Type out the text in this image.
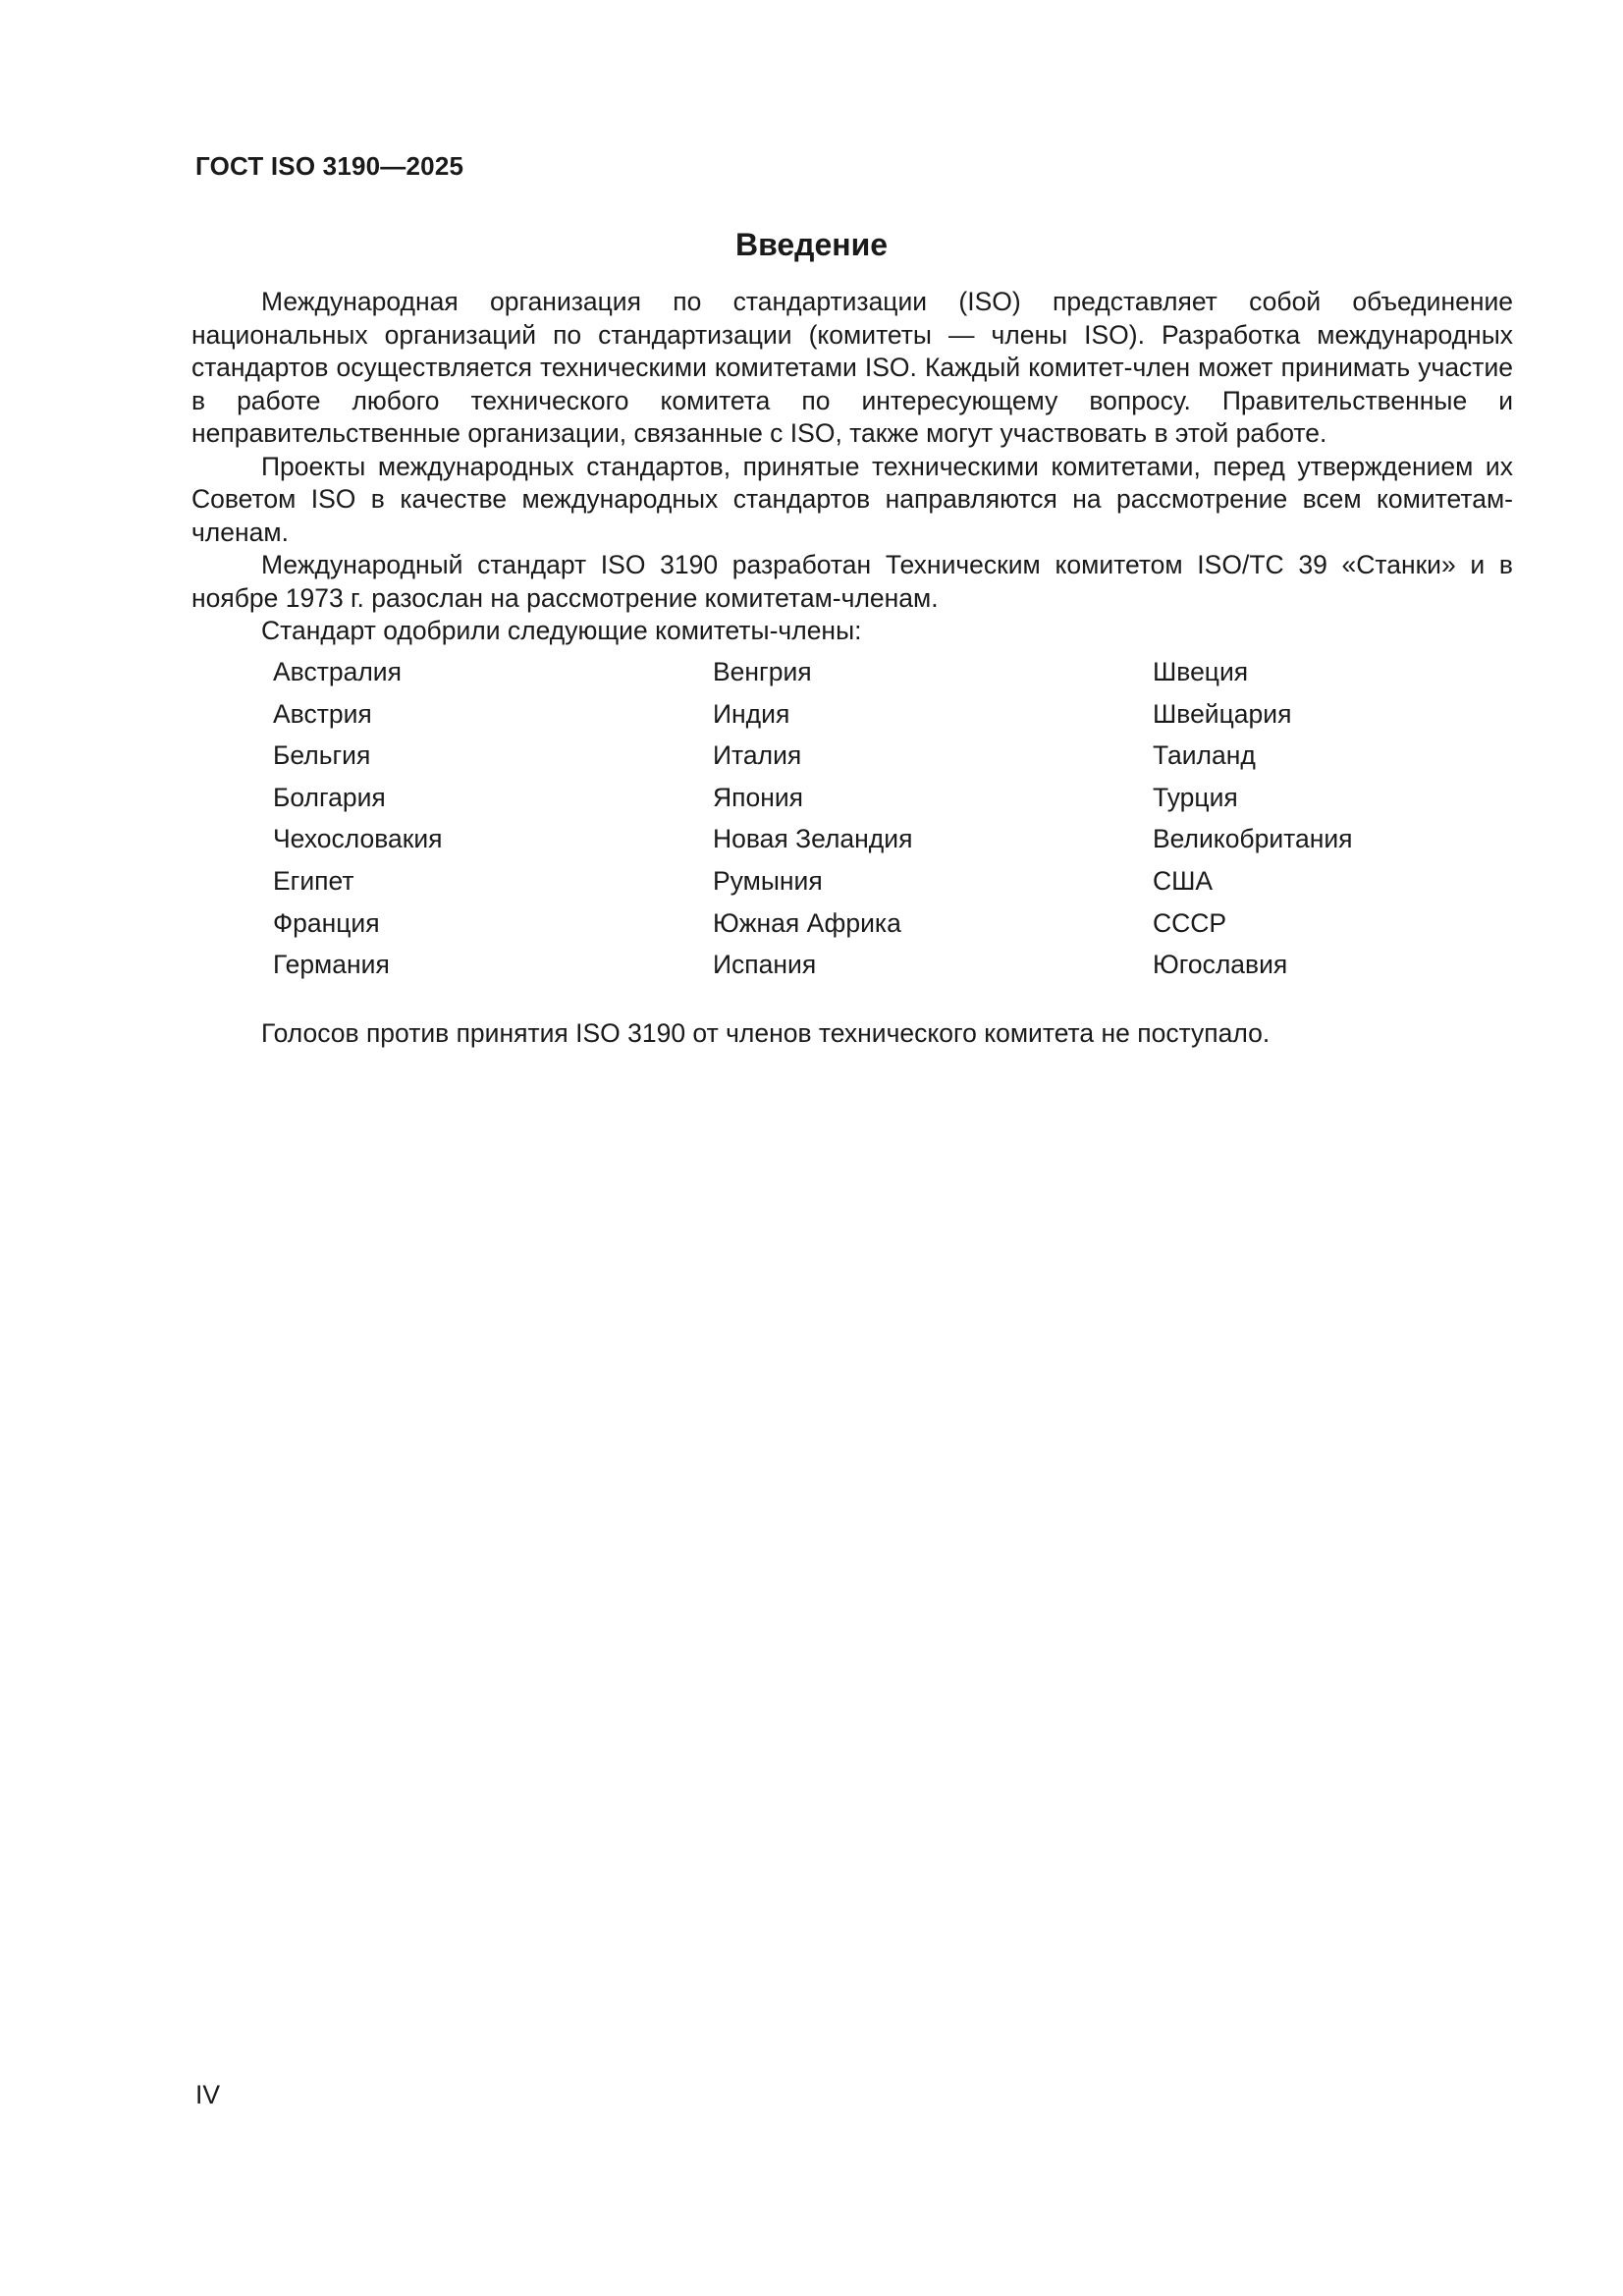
ГОСТ ISO 3190—2025
Введение

Международная организация по стандартизации (ISO) представляет собой объединение национальных организаций по стандартизации (комитеты — члены ISO). Разработка международных стандартов осуществляется техническими комитетами ISO. Каждый комитет-член может принимать участие в работе любого технического комитета по интересующему вопросу. Правительственные и неправительственные организации, связанные с ISO, также могут участвовать в этой работе.

Проекты международных стандартов, принятые техническими комитетами, перед утверждением их Советом ISO в качестве международных стандартов направляются на рассмотрение всем комитетам-членам.

Международный стандарт ISO 3190 разработан Техническим комитетом ISO/TC 39 «Станки» и в ноябре 1973 г. разослан на рассмотрение комитетам-членам.

Стандарт одобрили следующие комитеты-члены:

Австралия	Венгрия	Швеция
Австрия	Индия	Швейцария
Бельгия	Италия	Таиланд
Болгария	Япония	Турция
Чехословакия	Новая Зеландия	Великобритания
Египет	Румыния	США
Франция	Южная Африка	СССР
Германия	Испания	Югославия
Голосов против принятия ISO 3190 от членов технического комитета не поступало.
IV
